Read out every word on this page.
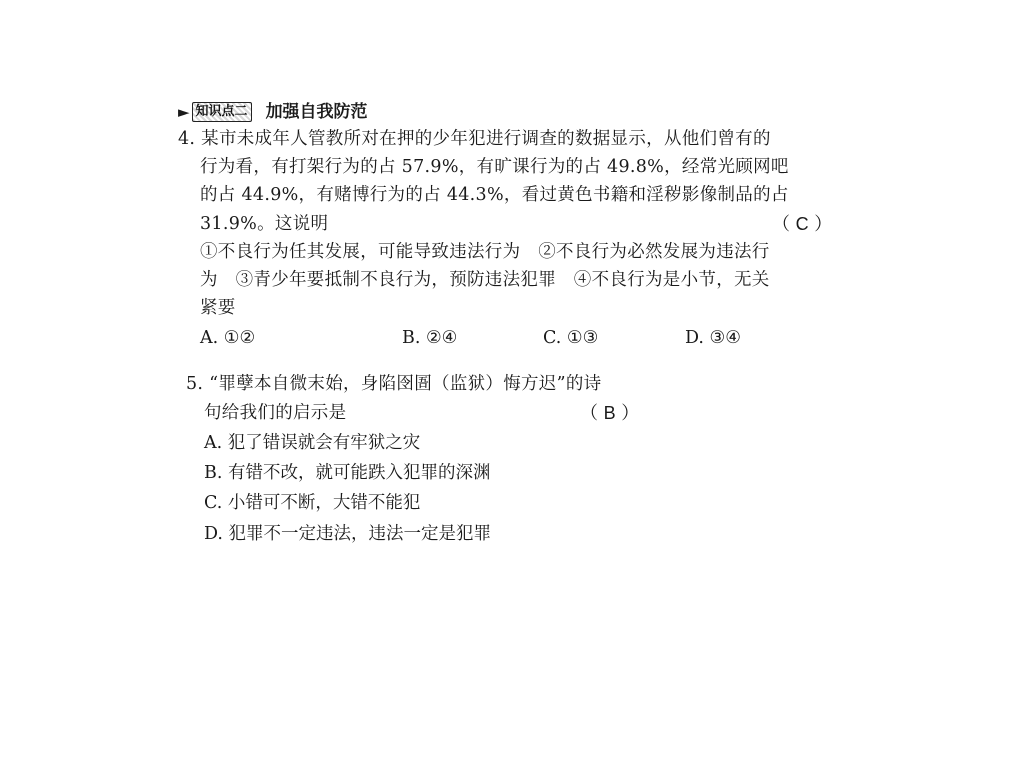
► 知识点二 加强自我防范
4. 某市未成年人管教所对在押的少年犯进行调查的数据显示，从他们曾有的
行为看，有打架行为的占 57.9%，有旷课行为的占 49.8%，经常光顾网吧
的占 44.9%，有赌博行为的占 44.3%，看过黄色书籍和淫秽影像制品的占
31.9%。这说明	（ C ）
①不良行为任其发展，可能导致违法行为　②不良行为必然发展为违法行
为　③青少年要抵制不良行为，预防违法犯罪　④不良行为是小节，无关
紧要
A. ①②	B. ②④	C. ①③	D. ③④
5. “罪孽本自微末始，身陷囹圄（监狱）悔方迟”的诗
句给我们的启示是	（ B ）
A. 犯了错误就会有牢狱之灾
B. 有错不改，就可能跌入犯罪的深渊
C. 小错可不断，大错不能犯
D. 犯罪不一定违法，违法一定是犯罪
